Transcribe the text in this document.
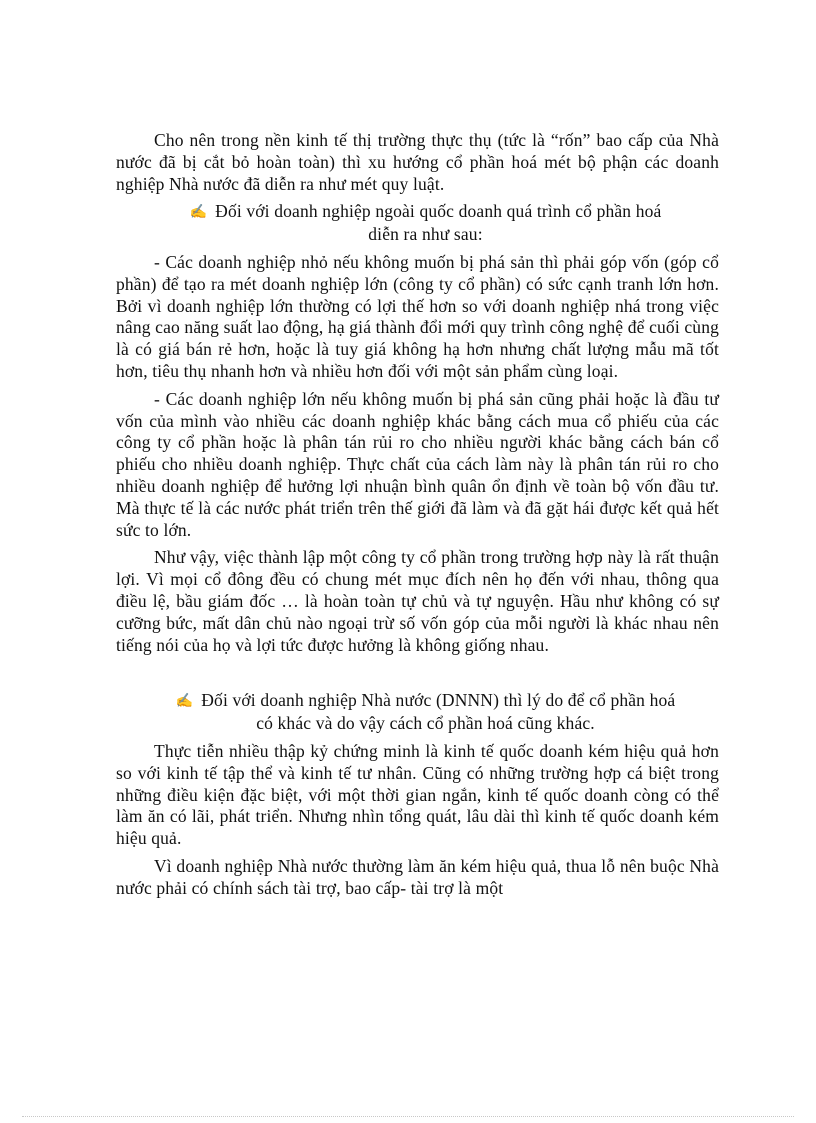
Cho nên trong nền kinh tế thị trường thực thụ (tức là “rốn” bao cấp của Nhà nước đã bị cắt bỏ hoàn toàn) thì xu hướng cổ phần hoá mét bộ phận các doanh nghiệp Nhà nước đã diễn ra như mét quy luật.

✍ Đối với doanh nghiệp ngoài quốc doanh quá trình cổ phần hoá diễn ra như sau:

- Các doanh nghiệp nhỏ nếu không muốn bị phá sản thì phải góp vốn (góp cổ phần) để tạo ra mét doanh nghiệp lớn (công ty cổ phần) có sức cạnh tranh lớn hơn. Bởi vì doanh nghiệp lớn thường có lợi thế hơn so với doanh nghiệp nhá trong việc nâng cao năng suất lao động, hạ giá thành đổi mới quy trình công nghệ để cuối cùng là có giá bán rẻ hơn, hoặc là tuy giá không hạ hơn nhưng chất lượng mẫu mã tốt hơn, tiêu thụ nhanh hơn và nhiều hơn đối với một sản phẩm cùng loại.

- Các doanh nghiệp lớn nếu không muốn bị phá sản cũng phải hoặc là đầu tư vốn của mình vào nhiều các doanh nghiệp khác bằng cách mua cổ phiếu của các công ty cổ phần hoặc là phân tán rủi ro cho nhiều người khác bằng cách bán cổ phiếu cho nhiều doanh nghiệp. Thực chất của cách làm này là phân tán rủi ro cho nhiều doanh nghiệp để hưởng lợi nhuận bình quân ổn định về toàn bộ vốn đầu tư. Mà thực tế là các nước phát triển trên thế giới đã làm và đã gặt hái được kết quả hết sức to lớn.

Như vậy, việc thành lập một công ty cổ phần trong trường hợp này là rất thuận lợi. Vì mọi cổ đông đều có chung mét mục đích nên họ đến với nhau, thông qua điều lệ, bầu giám đốc … là hoàn toàn tự chủ và tự nguyện. Hầu như không có sự cưỡng bức, mất dân chủ nào ngoại trừ số vốn góp của mỗi người là khác nhau nên tiếng nói của họ và lợi tức được hưởng là không giống nhau.

✍ Đối với doanh nghiệp Nhà nước (DNNN) thì lý do để cổ phần hoá có khác và do vậy cách cổ phần hoá cũng khác.

Thực tiễn nhiều thập kỷ chứng minh là kinh tế quốc doanh kém hiệu quả hơn so với kinh tế tập thể và kinh tế tư nhân. Cũng có những trường hợp cá biệt trong những điều kiện đặc biệt, với một thời gian ngắn, kinh tế quốc doanh còng có thể làm ăn có lãi, phát triển. Nhưng nhìn tổng quát, lâu dài thì kinh tế quốc doanh kém hiệu quả.

Vì doanh nghiệp Nhà nước thường làm ăn kém hiệu quả, thua lỗ nên buộc Nhà nước phải có chính sách tài trợ, bao cấp- tài trợ là một
